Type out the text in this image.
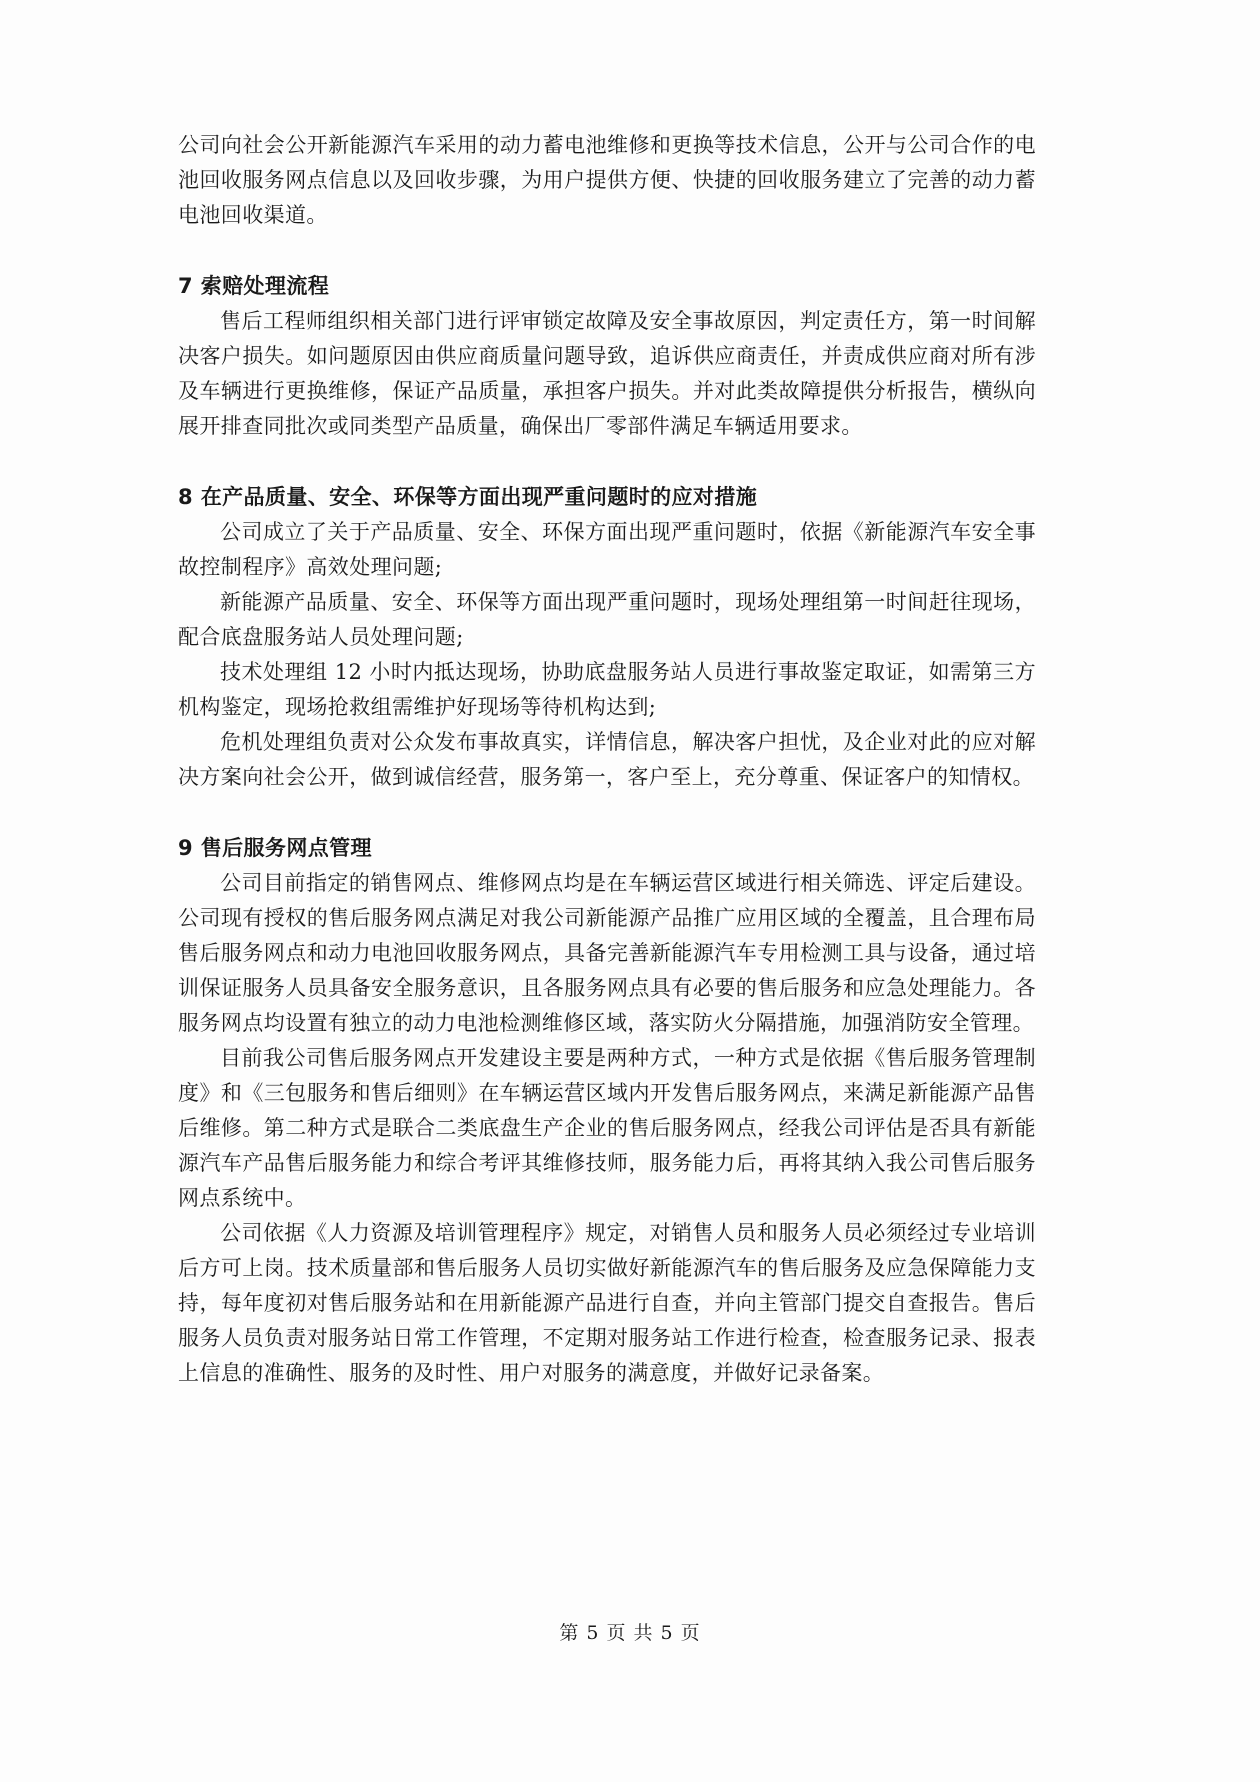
公司向社会公开新能源汽车采用的动力蓄电池维修和更换等技术信息，公开与公司合作的电池回收服务网点信息以及回收步骤，为用户提供方便、快捷的回收服务建立了完善的动力蓄电池回收渠道。

7 索赔处理流程

售后工程师组织相关部门进行评审锁定故障及安全事故原因，判定责任方，第一时间解决客户损失。如问题原因由供应商质量问题导致，追诉供应商责任，并责成供应商对所有涉及车辆进行更换维修，保证产品质量，承担客户损失。并对此类故障提供分析报告，横纵向展开排查同批次或同类型产品质量，确保出厂零部件满足车辆适用要求。

8 在产品质量、安全、环保等方面出现严重问题时的应对措施

公司成立了关于产品质量、安全、环保方面出现严重问题时，依据《新能源汽车安全事故控制程序》高效处理问题;

新能源产品质量、安全、环保等方面出现严重问题时，现场处理组第一时间赶往现场，配合底盘服务站人员处理问题;

技术处理组 12 小时内抵达现场，协助底盘服务站人员进行事故鉴定取证，如需第三方机构鉴定，现场抢救组需维护好现场等待机构达到;

危机处理组负责对公众发布事故真实，详情信息，解决客户担忧，及企业对此的应对解决方案向社会公开，做到诚信经营，服务第一，客户至上，充分尊重、保证客户的知情权。

9 售后服务网点管理

公司目前指定的销售网点、维修网点均是在车辆运营区域进行相关筛选、评定后建设。公司现有授权的售后服务网点满足对我公司新能源产品推广应用区域的全覆盖，且合理布局售后服务网点和动力电池回收服务网点，具备完善新能源汽车专用检测工具与设备，通过培训保证服务人员具备安全服务意识，且各服务网点具有必要的售后服务和应急处理能力。各服务网点均设置有独立的动力电池检测维修区域，落实防火分隔措施，加强消防安全管理。

目前我公司售后服务网点开发建设主要是两种方式，一种方式是依据《售后服务管理制度》和《三包服务和售后细则》在车辆运营区域内开发售后服务网点，来满足新能源产品售后维修。第二种方式是联合二类底盘生产企业的售后服务网点，经我公司评估是否具有新能源汽车产品售后服务能力和综合考评其维修技师，服务能力后，再将其纳入我公司售后服务网点系统中。

公司依据《人力资源及培训管理程序》规定，对销售人员和服务人员必须经过专业培训后方可上岗。技术质量部和售后服务人员切实做好新能源汽车的售后服务及应急保障能力支持，每年度初对售后服务站和在用新能源产品进行自查，并向主管部门提交自查报告。售后服务人员负责对服务站日常工作管理，不定期对服务站工作进行检查，检查服务记录、报表上信息的准确性、服务的及时性、用户对服务的满意度，并做好记录备案。

第 5 页 共 5 页
